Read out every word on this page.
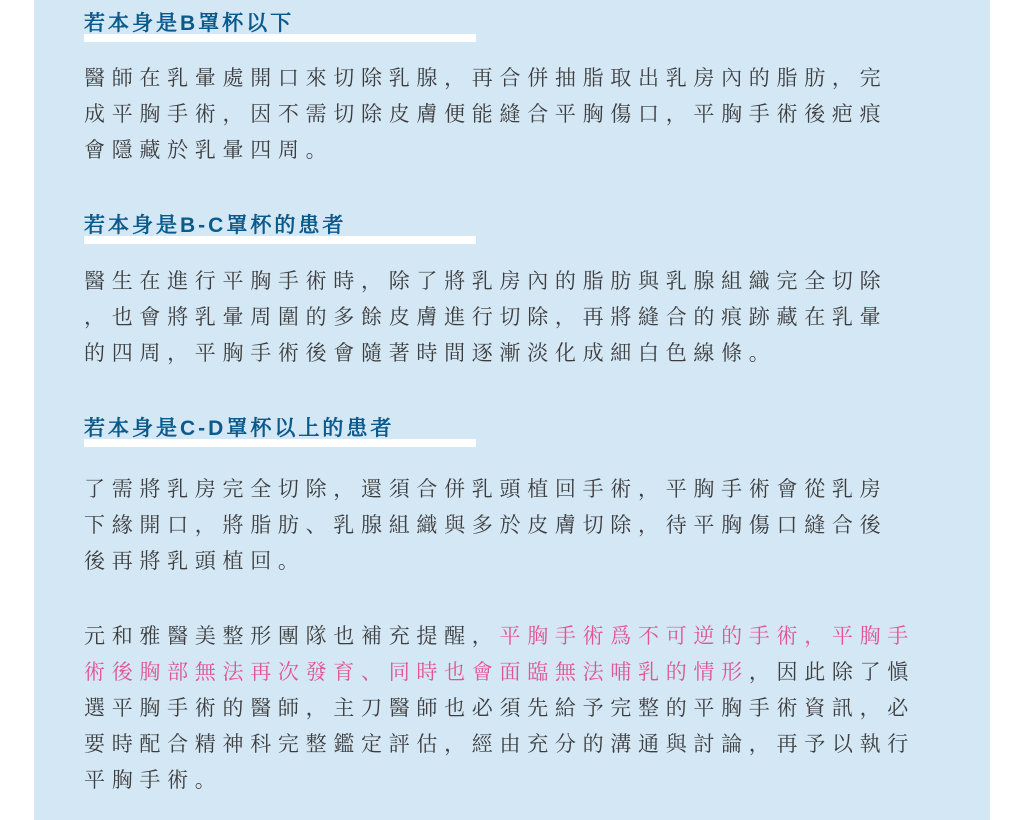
若本身是B罩杯以下

醫師在乳暈處開口來切除乳腺，再合併抽脂取出乳房內的脂肪，完
成平胸手術，因不需切除皮膚便能縫合平胸傷口，平胸手術後疤痕
會隱藏於乳暈四周。

若本身是B-C罩杯的患者

醫生在進行平胸手術時，除了將乳房內的脂肪與乳腺組織完全切除
，也會將乳暈周圍的多餘皮膚進行切除，再將縫合的痕跡藏在乳暈
的四周，平胸手術後會隨著時間逐漸淡化成細白色線條。

若本身是C-D罩杯以上的患者

了需將乳房完全切除，還須合併乳頭植回手術，平胸手術會從乳房
下緣開口，將脂肪、乳腺組織與多於皮膚切除，待平胸傷口縫合後
後再將乳頭植回。

元和雅醫美整形團隊也補充提醒，平胸手術爲不可逆的手術，平胸手
術後胸部無法再次發育、同時也會面臨無法哺乳的情形，因此除了愼
選平胸手術的醫師，主刀醫師也必須先給予完整的平胸手術資訊，必
要時配合精神科完整鑑定評估，經由充分的溝通與討論，再予以執行
平胸手術。
